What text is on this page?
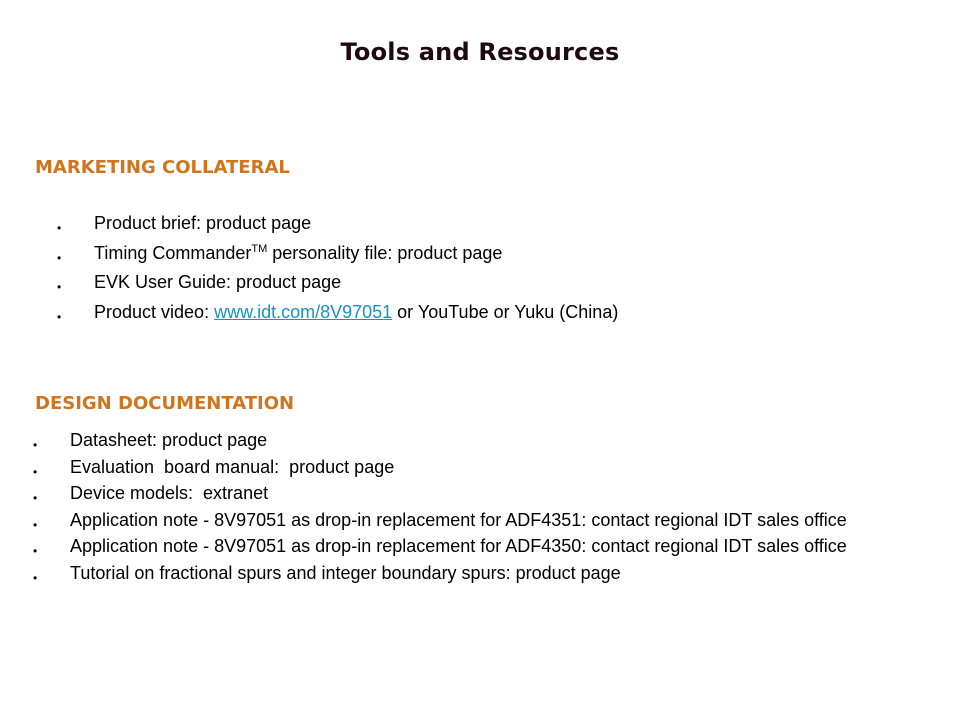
Tools and Resources
MARKETING COLLATERAL
• Product brief: product page
• Timing Commander™ personality file: product page
• EVK User Guide: product page
• Product video: www.idt.com/8V97051 or YouTube or Yuku (China)
DESIGN DOCUMENTATION
• Datasheet: product page
• Evaluation  board manual:  product page
• Device models:  extranet
• Application note - 8V97051 as drop-in replacement for ADF4351: contact regional IDT sales office
• Application note - 8V97051 as drop-in replacement for ADF4350: contact regional IDT sales office
• Tutorial on fractional spurs and integer boundary spurs: product page
